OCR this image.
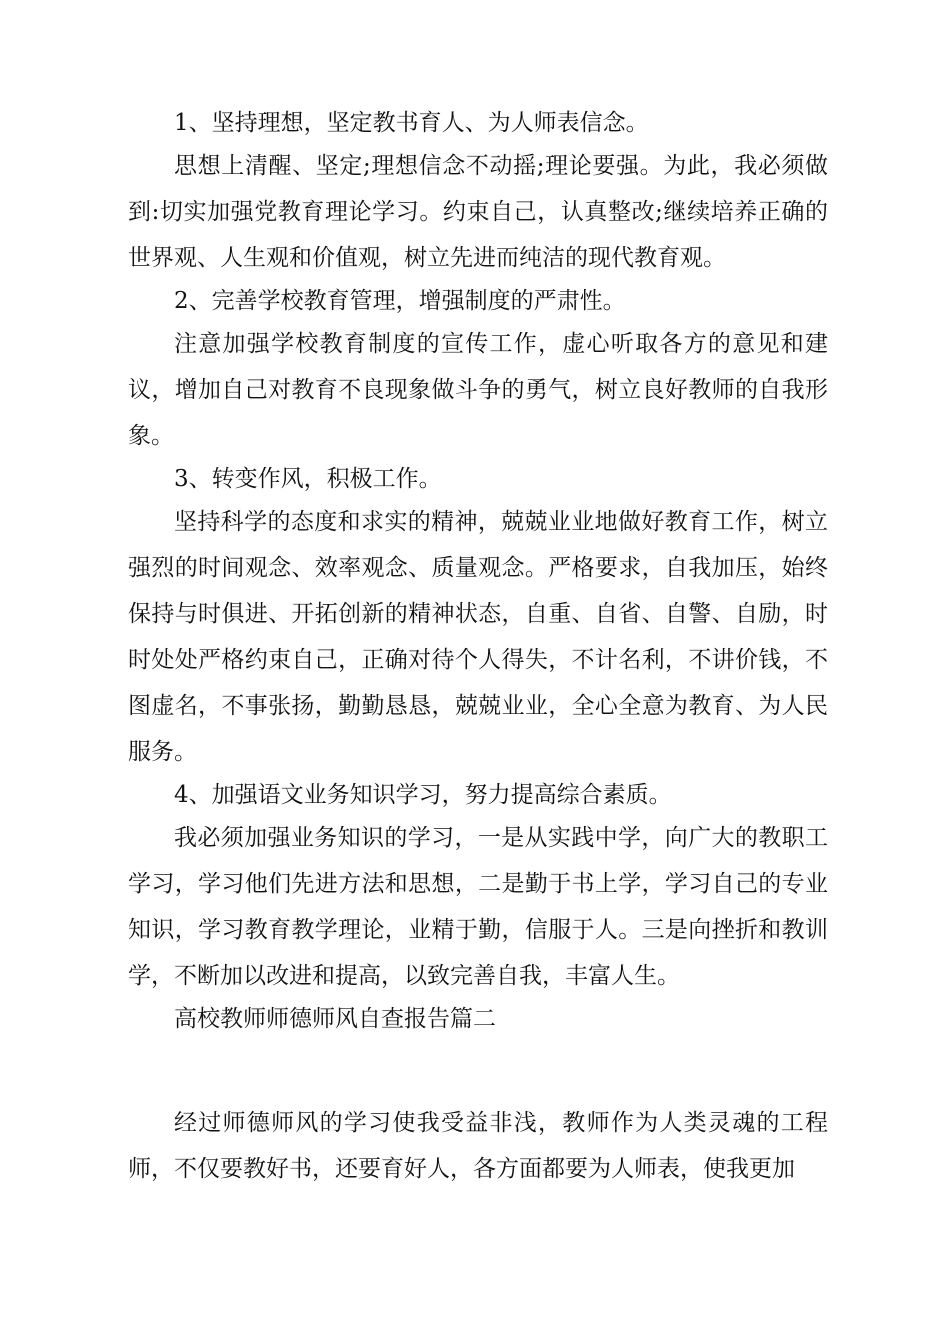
1、坚持理想，坚定教书育人、为人师表信念。

思想上清醒、坚定;理想信念不动摇;理论要强。为此，我必须做到:切实加强党教育理论学习。约束自己，认真整改;继续培养正确的世界观、人生观和价值观，树立先进而纯洁的现代教育观。

2、完善学校教育管理，增强制度的严肃性。

注意加强学校教育制度的宣传工作，虚心听取各方的意见和建议，增加自己对教育不良现象做斗争的勇气，树立良好教师的自我形象。

3、转变作风，积极工作。

坚持科学的态度和求实的精神，兢兢业业地做好教育工作，树立强烈的时间观念、效率观念、质量观念。严格要求，自我加压，始终保持与时俱进、开拓创新的精神状态，自重、自省、自警、自励，时时处处严格约束自己，正确对待个人得失，不计名利，不讲价钱，不图虚名，不事张扬，勤勤恳恳，兢兢业业，全心全意为教育、为人民服务。

4、加强语文业务知识学习，努力提高综合素质。

我必须加强业务知识的学习，一是从实践中学，向广大的教职工学习，学习他们先进方法和思想，二是勤于书上学，学习自己的专业知识，学习教育教学理论，业精于勤，信服于人。三是向挫折和教训学，不断加以改进和提高，以致完善自我，丰富人生。

高校教师师德师风自查报告篇二

经过师德师风的学习使我受益非浅，教师作为人类灵魂的工程师，不仅要教好书，还要育好人，各方面都要为人师表，使我更加
